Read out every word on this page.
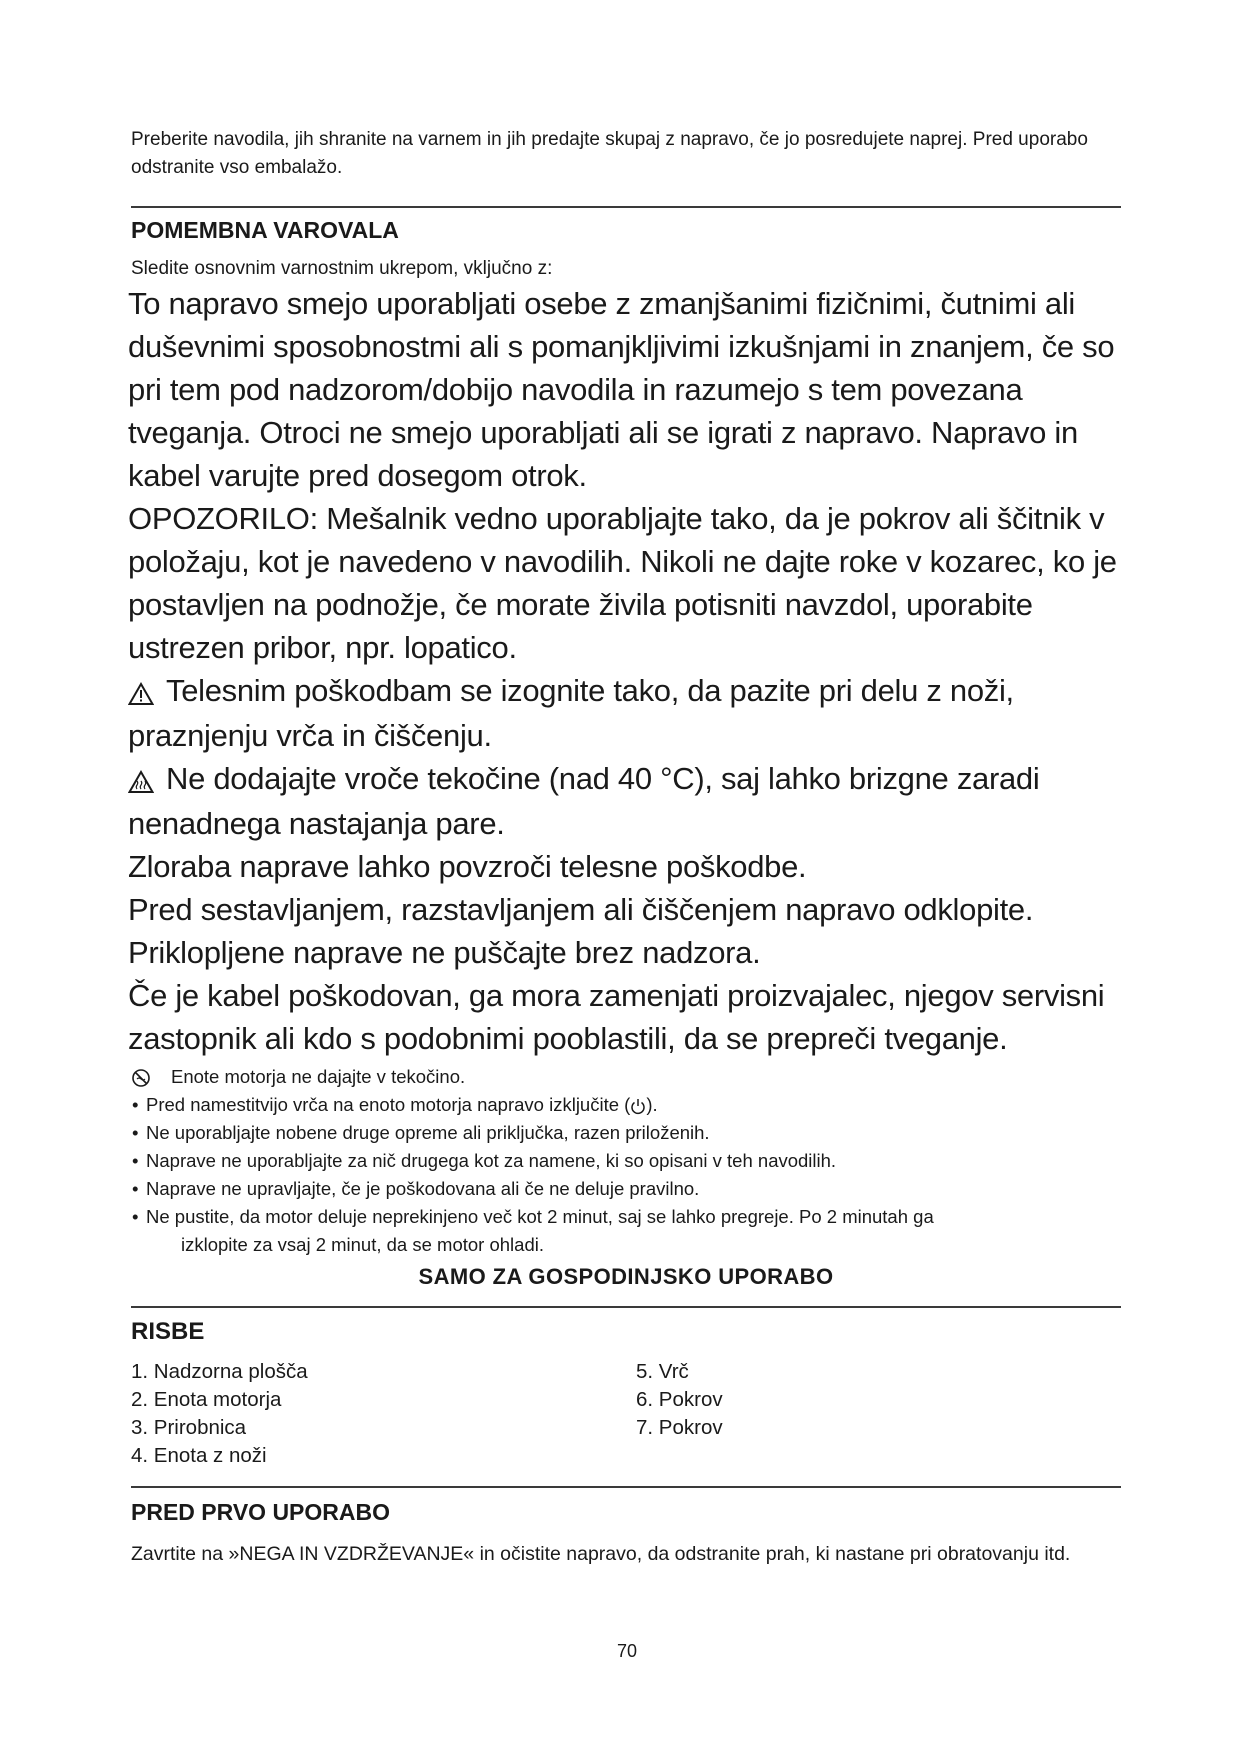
Preberite navodila, jih shranite na varnem in jih predajte skupaj z napravo, če jo posredujete naprej. Pred uporabo odstranite vso embalažo.
POMEMBNA VAROVALA
Sledite osnovnim varnostnim ukrepom, vključno z:

To napravo smejo uporabljati osebe z zmanjšanimi fizičnimi, čutnimi ali

duševnimi sposobnostmi ali s pomanjkljivimi izkušnjami in znanjem, če so

pri tem pod nadzorom/dobijo navodila in razumejo s tem povezana

tveganja. Otroci ne smejo uporabljati ali se igrati z napravo. Napravo in

kabel varujte pred dosegom otrok.

OPOZORILO: Mešalnik vedno uporabljajte tako, da je pokrov ali ščitnik v

položaju, kot je navedeno v navodilih. Nikoli ne dajte roke v kozarec, ko je

postavljen na podnožje, če morate živila potisniti navzdol, uporabite

ustrezen pribor, npr. lopatico.

Telesnim poškodbam se izognite tako, da pazite pri delu z noži,

praznjenju vrča in čiščenju.

Ne dodajajte vroče tekočine (nad 40 °C), saj lahko brizgne zaradi

nenadnega nastajanja pare.

Zloraba naprave lahko povzroči telesne poškodbe.

Pred sestavljanjem, razstavljanjem ali čiščenjem napravo odklopite.

Priklopljene naprave ne puščajte brez nadzora.

Če je kabel poškodovan, ga mora zamenjati proizvajalec, njegov servisni

zastopnik ali kdo s podobnimi pooblastili, da se prepreči tveganje.

Enote motorja ne dajajte v tekočino.
• Pred namestitvijo vrča na enoto motorja napravo izključite ( ).
• Ne uporabljajte nobene druge opreme ali priključka, razen priloženih.
• Naprave ne uporabljajte za nič drugega kot za namene, ki so opisani v teh navodilih.
• Naprave ne upravljajte, če je poškodovana ali če ne deluje pravilno.
• Ne pustite, da motor deluje neprekinjeno več kot 2 minut, saj se lahko pregreje. Po 2 minutah ga
izklopite za vsaj 2 minut, da se motor ohladi.
SAMO ZA GOSPODINJSKO UPORABO
RISBE
1. Nadzorna plošča
2. Enota motorja
3. Prirobnica
4. Enota z noži
5. Vrč
6. Pokrov
7. Pokrov
PRED PRVO UPORABO
Zavrtite na »NEGA IN VZDRŽEVANJE« in očistite napravo, da odstranite prah, ki nastane pri obratovanju itd.
70
